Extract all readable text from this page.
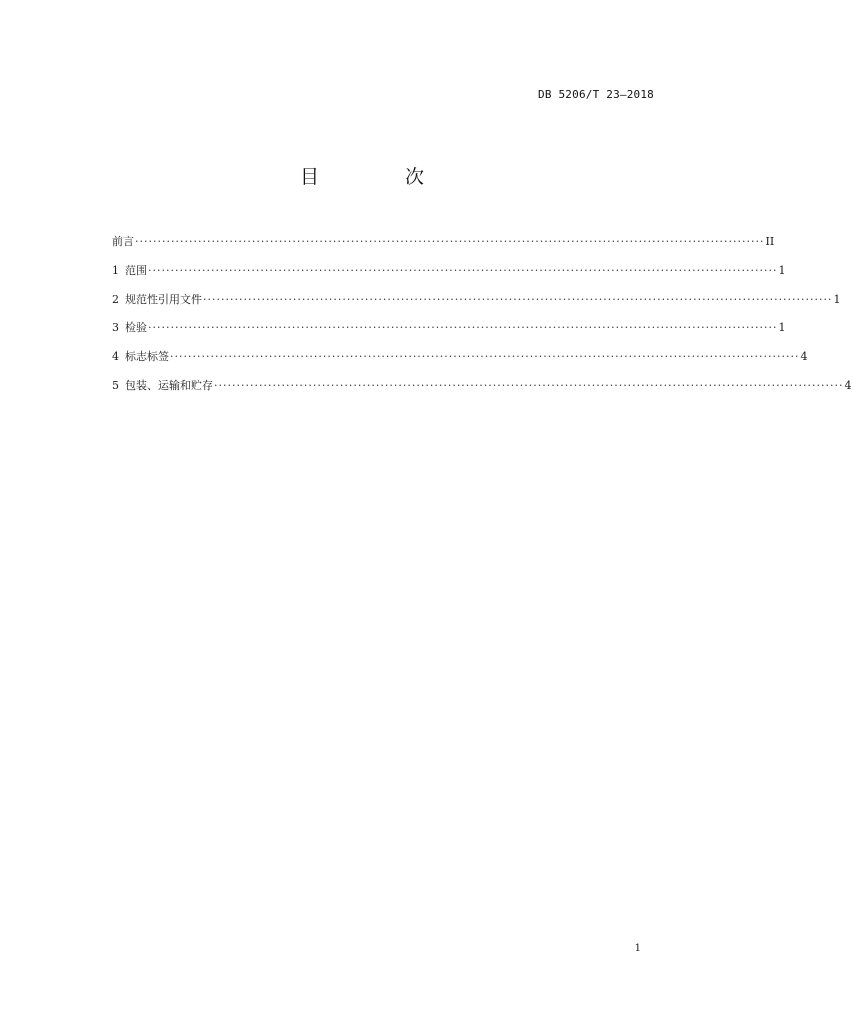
DB 5206/T 23—2018
目 次
前言 ············································································································································ II
1 范围 ············································································································································ 1
2 规范性引用文件 ············································································································································ 1
3 检验 ············································································································································ 1
4 标志标签 ············································································································································ 4
5 包装、运输和贮存 ············································································································································ 4
1
